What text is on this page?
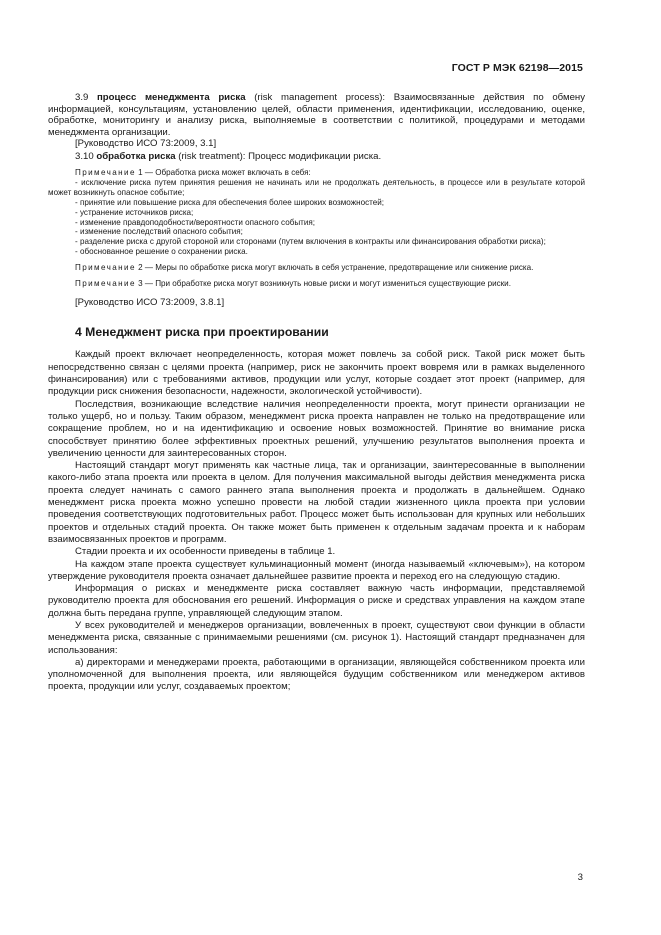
ГОСТ Р МЭК 62198—2015

3.9 процесс менеджмента риска (risk management process): Взаимосвязанные действия по обмену информацией, консультациям, установлению целей, области применения, идентификации, исследованию, оценке, обработке, мониторингу и анализу риска, выполняемые в соответствии с политикой, процедурами и методами менеджмента организации.

[Руководство ИСО 73:2009, 3.1]

3.10 обработка риска (risk treatment): Процесс модификации риска.

Примечание 1 — Обработка риска может включать в себя:

- исключение риска путем принятия решения не начинать или не продолжать деятельность, в процессе или в результате которой может возникнуть опасное событие;

- принятие или повышение риска для обеспечения более широких возможностей;

- устранение источников риска;

- изменение правдоподобности/вероятности опасного события;

- изменение последствий опасного события;

- разделение риска с другой стороной или сторонами (путем включения в контракты или финансирования обработки риска);

- обоснованное решение о сохранении риска.

Примечание 2 — Меры по обработке риска могут включать в себя устранение, предотвращение или снижение риска.

Примечание 3 — При обработке риска могут возникнуть новые риски и могут измениться существующие риски.

[Руководство ИСО 73:2009, 3.8.1]

4 Менеджмент риска при проектировании

Каждый проект включает неопределенность, которая может повлечь за собой риск. Такой риск может быть непосредственно связан с целями проекта (например, риск не закончить проект вовремя или в рамках выделенного финансирования) или с требованиями активов, продукции или услуг, которые создает этот проект (например, для продукции риск снижения безопасности, надежности, экологической устойчивости).

Последствия, возникающие вследствие наличия неопределенности проекта, могут принести организации не только ущерб, но и пользу. Таким образом, менеджмент риска проекта направлен не только на предотвращение или сокращение проблем, но и на идентификацию и освоение новых возможностей. Принятие во внимание риска способствует принятию более эффективных проектных решений, улучшению результатов выполнения проекта и увеличению ценности для заинтересованных сторон.

Настоящий стандарт могут применять как частные лица, так и организации, заинтересованные в выполнении какого-либо этапа проекта или проекта в целом. Для получения максимальной выгоды действия менеджмента риска проекта следует начинать с самого раннего этапа выполнения проекта и продолжать в дальнейшем. Однако менеджмент риска проекта можно успешно провести на любой стадии жизненного цикла проекта при условии проведения соответствующих подготовительных работ. Процесс может быть использован для крупных или небольших проектов и отдельных стадий проекта. Он также может быть применен к отдельным задачам проекта и к наборам взаимосвязанных проектов и программ.

Стадии проекта и их особенности приведены в таблице 1.

На каждом этапе проекта существует кульминационный момент (иногда называемый «ключевым»), на котором утверждение руководителя проекта означает дальнейшее развитие проекта и переход его на следующую стадию.

Информация о рисках и менеджменте риска составляет важную часть информации, представляемой руководителю проекта для обоснования его решений. Информация о риске и средствах управления на каждом этапе должна быть передана группе, управляющей следующим этапом.

У всех руководителей и менеджеров организации, вовлеченных в проект, существуют свои функции в области менеджмента риска, связанные с принимаемыми решениями (см. рисунок 1). Настоящий стандарт предназначен для использования:

а) директорами и менеджерами проекта, работающими в организации, являющейся собственником проекта или уполномоченной для выполнения проекта, или являющейся будущим собственником или менеджером активов проекта, продукции или услуг, создаваемых проектом;

3
